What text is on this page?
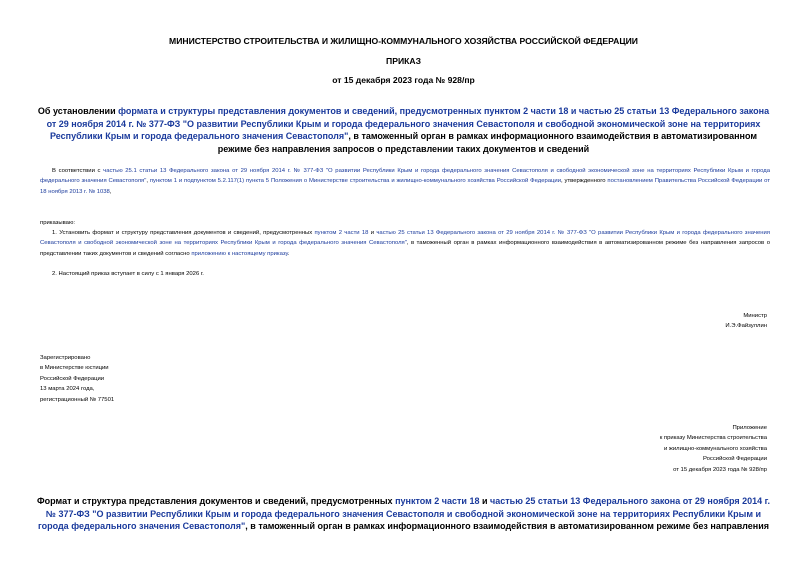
МИНИСТЕРСТВО СТРОИТЕЛЬСТВА И ЖИЛИЩНО-КОММУНАЛЬНОГО ХОЗЯЙСТВА РОССИЙСКОЙ ФЕДЕРАЦИИ
ПРИКАЗ
от 15 декабря 2023 года № 928/пр
Об установлении формата и структуры представления документов и сведений, предусмотренных пунктом 2 части 18 и частью 25 статьи 13 Федерального закона от 29 ноября 2014 г. № 377-ФЗ "О развитии Республики Крым и города федерального значения Севастополя и свободной экономической зоне на территориях Республики Крым и города федерального значения Севастополя", в таможенный орган в рамках информационного взаимодействия в автоматизированном режиме без направления запросов о представлении таких документов и сведений
В соответствии с частью 25.1 статьи 13 Федерального закона от 29 ноября 2014 г. № 377-ФЗ "О развитии Республики Крым и города федерального значения Севастополя и свободной экономической зоне на территориях Республики Крым и города федерального значения Севастополя", пунктом 1 и подпунктом 5.2.117(1) пункта 5 Положения о Министерстве строительства и жилищно-коммунального хозяйства Российской Федерации, утвержденного постановлением Правительства Российской Федерации от 18 ноября 2013 г. № 1038,
приказываю:
1. Установить формат и структуру представления документов и сведений, предусмотренных пунктом 2 части 18 и частью 25 статьи 13 Федерального закона от 29 ноября 2014 г. № 377-ФЗ "О развитии Республики Крым и города федерального значения Севастополя и свободной экономической зоне на территориях Республики Крым и города федерального значения Севастополя", в таможенный орган в рамках информационного взаимодействия в автоматизированном режиме без направления запросов о представлении таких документов и сведений согласно приложению к настоящему приказу.
2. Настоящий приказ вступает в силу с 1 января 2026 г.
Министр
И.Э.Файзуллин
Зарегистрировано
в Министерстве юстиции
Российской Федерации
13 марта 2024 года,
регистрационный № 77501
Приложение
к приказу Министерства строительства
и жилищно-коммунального хозяйства
Российской Федерации
от 15 декабря 2023 года № 928/пр
Формат и структура представления документов и сведений, предусмотренных пунктом 2 части 18 и частью 25 статьи 13 Федерального закона от 29 ноября 2014 г. № 377-ФЗ "О развитии Республики Крым и города федерального значения Севастополя и свободной экономической зоне на территориях Республики Крым и города федерального значения Севастополя", в таможенный орган в рамках информационного взаимодействия в автоматизированном режиме без направления
